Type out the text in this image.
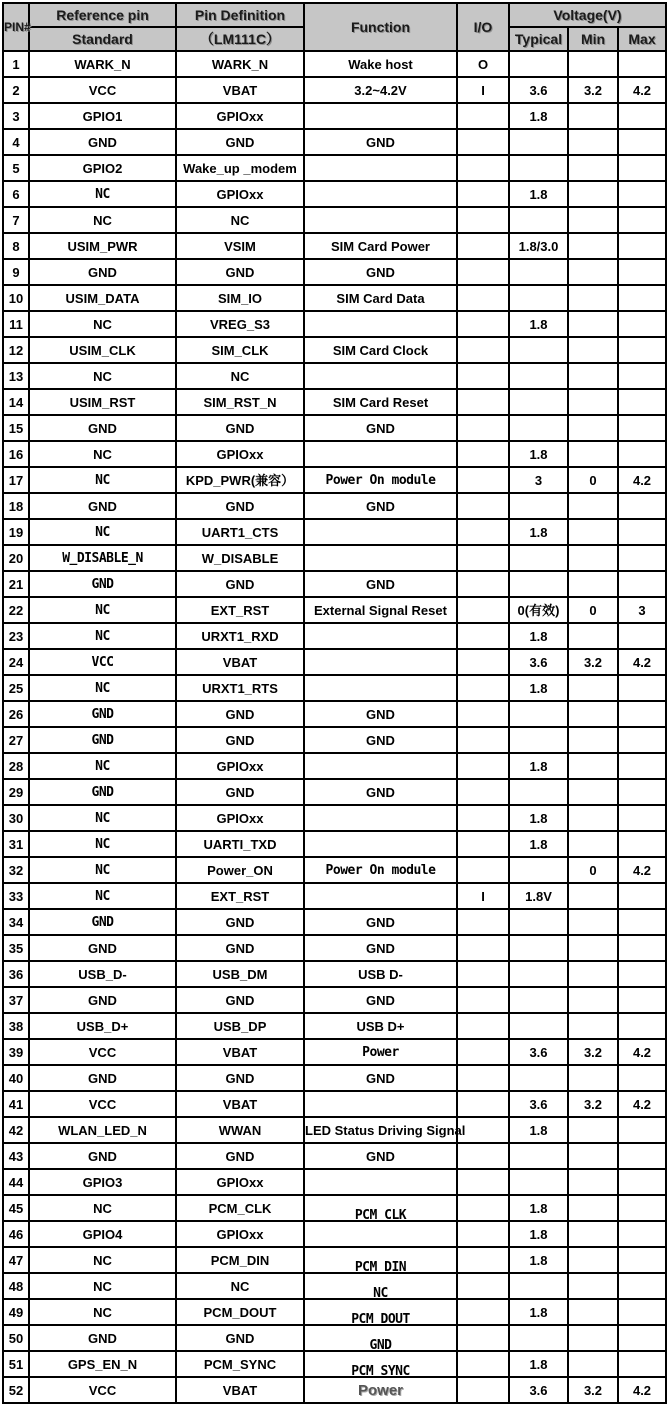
PIN#	Reference pin	Pin Definition	Function	I/O	Voltage(V)		
	Standard	（LM111C）			Typical	Min	Max
1	WARK_N	WARK_N	Wake host	O			
2	VCC	VBAT	3.2~4.2V	I	3.6	3.2	4.2
3	GPIO1	GPIOxx			1.8		
4	GND	GND	GND				
5	GPIO2	Wake_up _modem					
6	NC	GPIOxx			1.8		
7	NC	NC					
8	USIM_PWR	VSIM	SIM Card Power		1.8/3.0		
9	GND	GND	GND				
10	USIM_DATA	SIM_IO	SIM Card Data				
11	NC	VREG_S3			1.8		
12	USIM_CLK	SIM_CLK	SIM Card Clock				
13	NC	NC					
14	USIM_RST	SIM_RST_N	SIM Card Reset				
15	GND	GND	GND				
16	NC	GPIOxx			1.8		
17	NC	KPD_PWR(兼容）	Power On module		3	0	4.2
18	GND	GND	GND				
19	NC	UART1_CTS			1.8		
20	W_DISABLE_N	W_DISABLE					
21	GND	GND	GND				
22	NC	EXT_RST	External Signal Reset		0(有效)	0	3
23	NC	URXT1_RXD			1.8		
24	VCC	VBAT			3.6	3.2	4.2
25	NC	URXT1_RTS			1.8		
26	GND	GND	GND				
27	GND	GND	GND				
28	NC	GPIOxx			1.8		
29	GND	GND	GND				
30	NC	GPIOxx			1.8		
31	NC	UARTI_TXD			1.8		
32	NC	Power_ON	Power On module			0	4.2
33	NC	EXT_RST		I	1.8V		
34	GND	GND	GND				
35	GND	GND	GND				
36	USB_D-	USB_DM	USB D-				
37	GND	GND	GND				
38	USB_D+	USB_DP	USB D+				
39	VCC	VBAT	Power		3.6	3.2	4.2
40	GND	GND	GND				
41	VCC	VBAT			3.6	3.2	4.2
42	WLAN_LED_N	WWAN	LED Status Driving Signal		1.8		
43	GND	GND	GND				
44	GPIO3	GPIOxx					
45	NC	PCM_CLK	PCM_CLK		1.8		
46	GPIO4	GPIOxx			1.8		
47	NC	PCM_DIN	PCM_DIN		1.8		
48	NC	NC	NC				
49	NC	PCM_DOUT	PCM_DOUT		1.8		
50	GND	GND	GND				
51	GPS_EN_N	PCM_SYNC	PCM_SYNC		1.8		
52	VCC	VBAT	Power		3.6	3.2	4.2
